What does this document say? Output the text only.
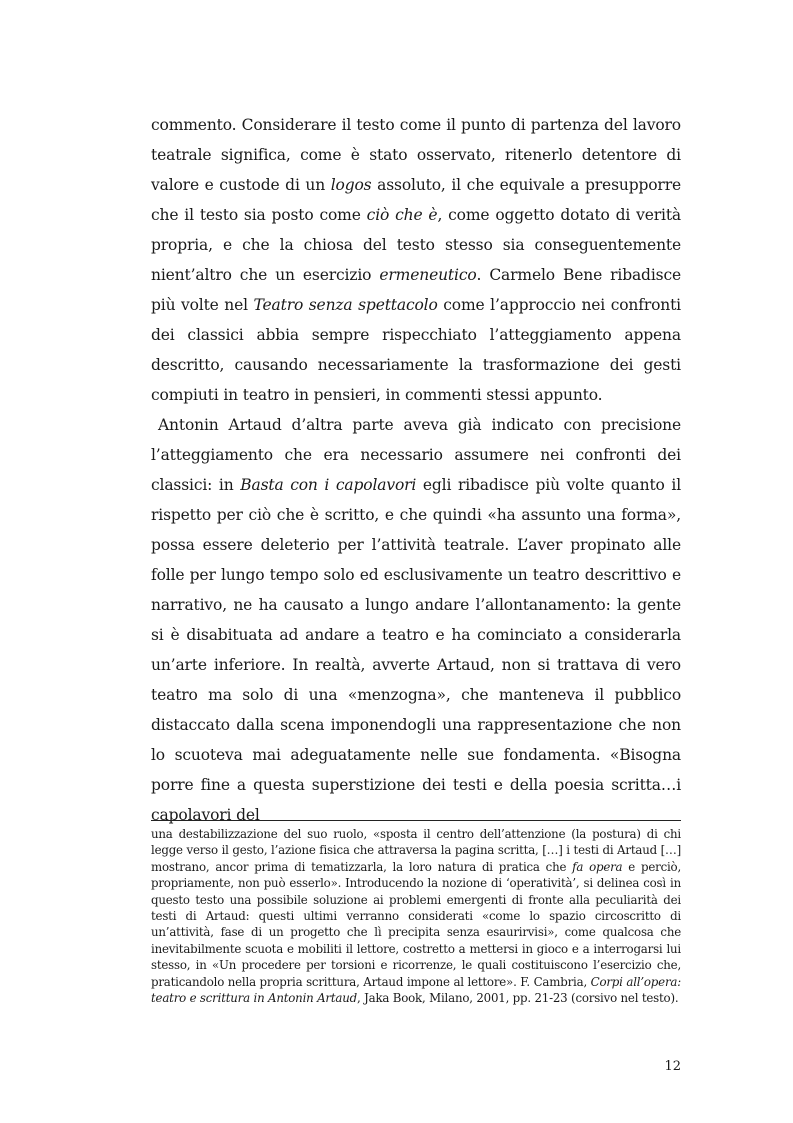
commento. Considerare il testo come il punto di partenza del lavoro teatrale significa, come è stato osservato, ritenerlo detentore di valore e custode di un logos assoluto, il che equivale a presupporre che il testo sia posto come ciò che è, come oggetto dotato di verità propria, e che la chiosa del testo stesso sia conseguentemente nient’altro che un esercizio ermeneutico. Carmelo Bene ribadisce più volte nel Teatro senza spettacolo come l’approccio nei confronti dei classici abbia sempre rispecchiato l’atteggiamento appena descritto, causando necessariamente la trasformazione dei gesti compiuti in teatro in pensieri, in commenti stessi appunto.

Antonin Artaud d’altra parte aveva già indicato con precisione l’atteggiamento che era necessario assumere nei confronti dei classici: in Basta con i capolavori egli ribadisce più volte quanto il rispetto per ciò che è scritto, e che quindi «ha assunto una forma», possa essere deleterio per l’attività teatrale. L’aver propinato alle folle per lungo tempo solo ed esclusivamente un teatro descrittivo e narrativo, ne ha causato a lungo andare l’allontanamento: la gente si è disabituata ad andare a teatro e ha cominciato a considerarla un’arte inferiore. In realtà, avverte Artaud, non si trattava di vero teatro ma solo di una «menzogna», che manteneva il pubblico distaccato dalla scena imponendogli una rappresentazione che non lo scuoteva mai adeguatamente nelle sue fondamenta. «Bisogna porre fine a questa superstizione dei testi e della poesia scritta…i capolavori del

una destabilizzazione del suo ruolo, «sposta il centro dell’attenzione (la postura) di chi legge verso il gesto, l’azione fisica che attraversa la pagina scritta, […] i testi di Artaud […] mostrano, ancor prima di tematizzarla, la loro natura di pratica che fa opera e perciò, propriamente, non può esserlo». Introducendo la nozione di ‘operatività’, si delinea così in questo testo una possibile soluzione ai problemi emergenti di fronte alla peculiarità dei testi di Artaud: questi ultimi verranno considerati «come lo spazio circoscritto di un’attività, fase di un progetto che lì precipita senza esaurirvisi», come qualcosa che inevitabilmente scuota e mobiliti il lettore, costretto a mettersi in gioco e a interrogarsi lui stesso, in «Un procedere per torsioni e ricorrenze, le quali costituiscono l’esercizio che, praticandolo nella propria scrittura, Artaud impone al lettore». F. Cambria, Corpi all’opera: teatro e scrittura in Antonin Artaud, Jaka Book, Milano, 2001, pp. 21-23 (corsivo nel testo).

12
